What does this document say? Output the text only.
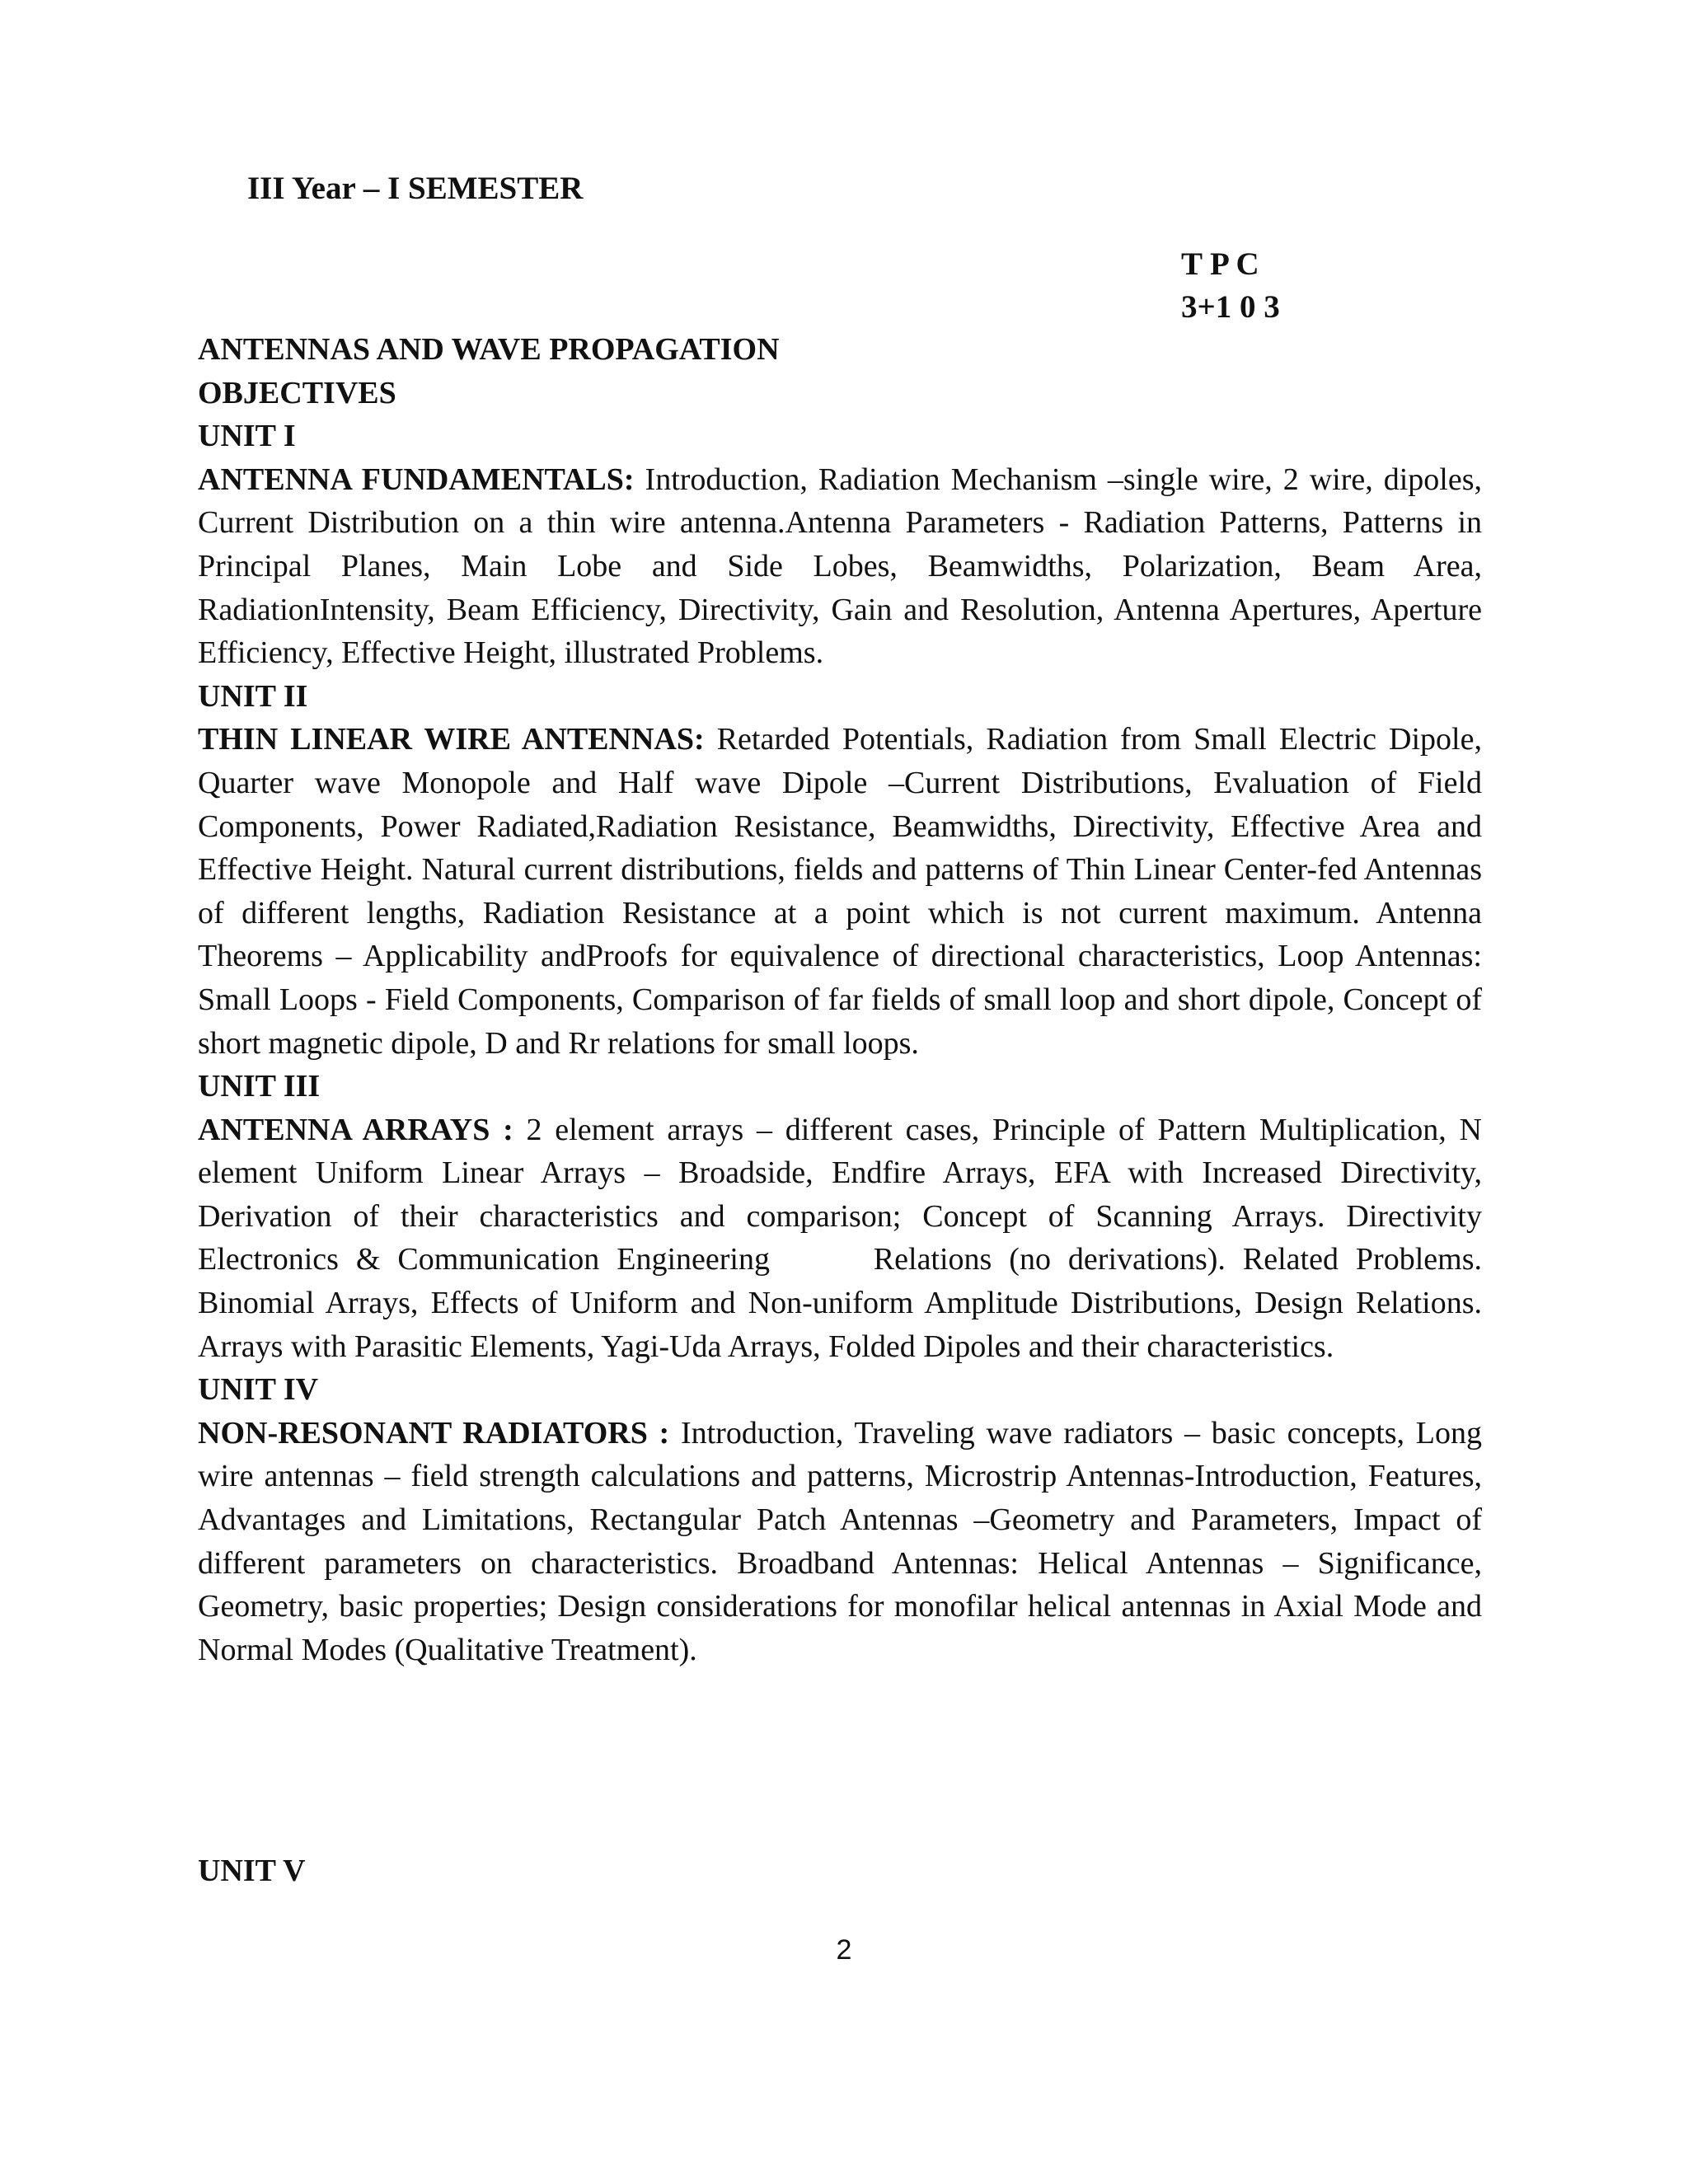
III Year – I SEMESTER
T P C
3+1 0 3
ANTENNAS AND WAVE PROPAGATION
OBJECTIVES
UNIT I
ANTENNA FUNDAMENTALS: Introduction, Radiation Mechanism –single wire, 2 wire, dipoles, Current Distribution on a thin wire antenna.Antenna Parameters - Radiation Patterns, Patterns in Principal Planes, Main Lobe and Side Lobes, Beamwidths, Polarization, Beam Area, RadiationIntensity, Beam Efficiency, Directivity, Gain and Resolution, Antenna Apertures, Aperture Efficiency, Effective Height, illustrated Problems.
UNIT II
THIN LINEAR WIRE ANTENNAS: Retarded Potentials, Radiation from Small Electric Dipole, Quarter wave Monopole and Half wave Dipole –Current Distributions, Evaluation of Field Components, Power Radiated,Radiation Resistance, Beamwidths, Directivity, Effective Area and Effective Height. Natural current distributions, fields and patterns of Thin Linear Center-fed Antennas of different lengths, Radiation Resistance at a point which is not current maximum. Antenna Theorems – Applicability andProofs for equivalence of directional characteristics, Loop Antennas: Small Loops - Field Components, Comparison of far fields of small loop and short dipole, Concept of short magnetic dipole, D and Rr relations for small loops.
UNIT III
ANTENNA ARRAYS : 2 element arrays – different cases, Principle of Pattern Multiplication, N element Uniform Linear Arrays – Broadside, Endfire Arrays, EFA with Increased Directivity, Derivation of their characteristics and comparison; Concept of Scanning Arrays. Directivity Electronics & Communication Engineering      Relations (no derivations). Related Problems. Binomial Arrays, Effects of Uniform and Non-uniform Amplitude Distributions, Design Relations. Arrays with Parasitic Elements, Yagi-Uda Arrays, Folded Dipoles and their characteristics.
UNIT IV
NON-RESONANT RADIATORS : Introduction, Traveling wave radiators – basic concepts, Long wire antennas – field strength calculations and patterns, Microstrip Antennas-Introduction, Features, Advantages and Limitations, Rectangular Patch Antennas –Geometry and Parameters, Impact of different parameters on characteristics. Broadband Antennas: Helical Antennas – Significance, Geometry, basic properties; Design considerations for monofilar helical antennas in Axial Mode and Normal Modes (Qualitative Treatment).
UNIT V
2
